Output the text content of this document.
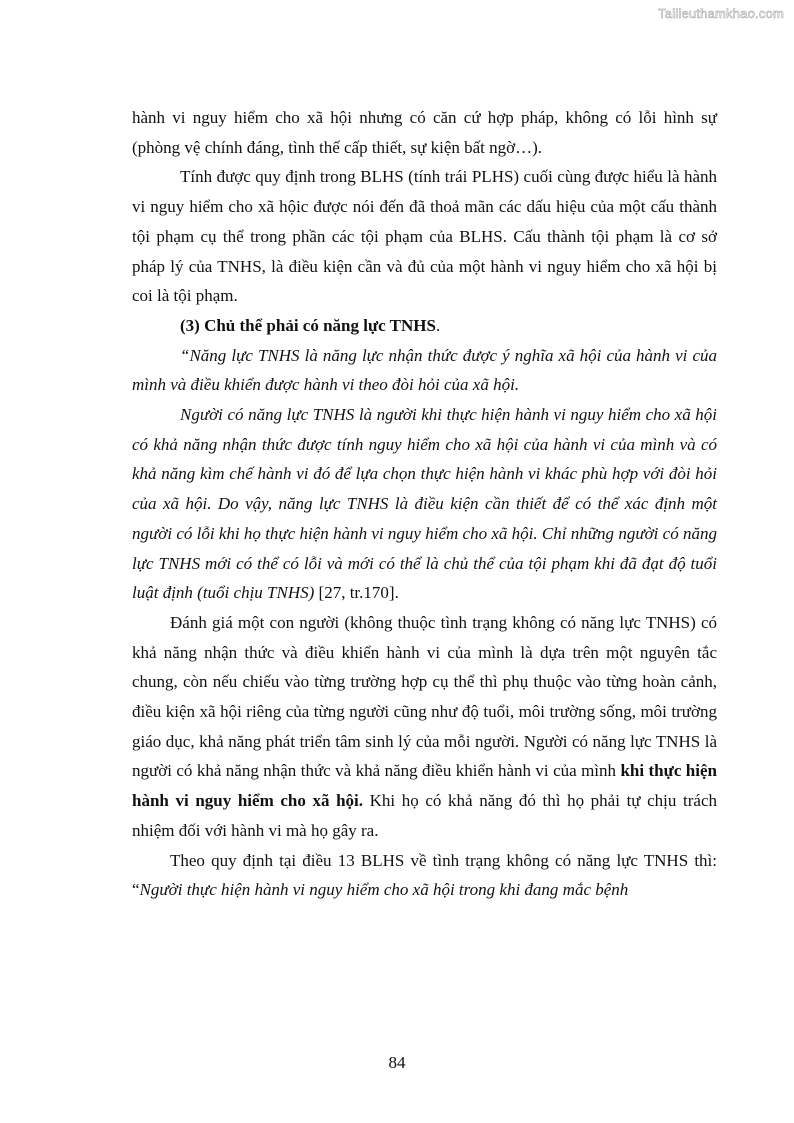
Tailieuthamkhao.com

hành vi nguy hiểm cho xã hội nhưng có căn cứ hợp pháp, không có lỗi hình sự (phòng vệ chính đáng, tình thế cấp thiết, sự kiện bất ngờ…).

Tính được quy định trong BLHS (tính trái PLHS) cuối cùng được hiểu là hành vi nguy hiểm cho xã hộic được nói đến đã thoả mãn các dấu hiệu của một cấu thành tội phạm cụ thể trong phần các tội phạm của BLHS. Cấu thành tội phạm là cơ sở pháp lý của TNHS, là điều kiện cần và đủ của một hành vi nguy hiểm cho xã hội bị coi là tội phạm.

(3) Chủ thể phải có năng lực TNHS.

“Năng lực TNHS là năng lực nhận thức được ý nghĩa xã hội của hành vi của mình và điều khiển được hành vi theo đòi hỏi của xã hội.

Người có năng lực TNHS là người khi thực hiện hành vi nguy hiểm cho xã hội có khả năng nhận thức được tính nguy hiểm cho xã hội của hành vi của mình và có khả năng kìm chế hành vi đó để lựa chọn thực hiện hành vi khác phù hợp với đòi hỏi của xã hội. Do vậy, năng lực TNHS là điều kiện cần thiết để có thể xác định một người có lỗi khi họ thực hiện hành vi nguy hiểm cho xã hội. Chỉ những người có năng lực TNHS mới có thể có lỗi và mới có thể là chủ thể của tội phạm khi đã đạt độ tuổi luật định (tuổi chịu TNHS) [27, tr.170].

Đánh giá một con người (không thuộc tình trạng không có năng lực TNHS) có khả năng nhận thức và điều khiển hành vi của mình là dựa trên một nguyên tắc chung, còn nếu chiếu vào từng trường hợp cụ thể thì phụ thuộc vào từng hoàn cảnh, điều kiện xã hội riêng của từng người cũng như độ tuổi, môi trường sống, môi trường giáo dục, khả năng phát triển tâm sinh lý của mỗi người. Người có năng lực TNHS là người có khả năng nhận thức và khả năng điều khiển hành vi của mình khi thực hiện hành vi nguy hiểm cho xã hội. Khi họ có khả năng đó thì họ phải tự chịu trách nhiệm đối với hành vi mà họ gây ra.

Theo quy định tại điều 13 BLHS về tình trạng không có năng lực TNHS thì: “Người thực hiện hành vi nguy hiểm cho xã hội trong khi đang mắc bệnh

84
